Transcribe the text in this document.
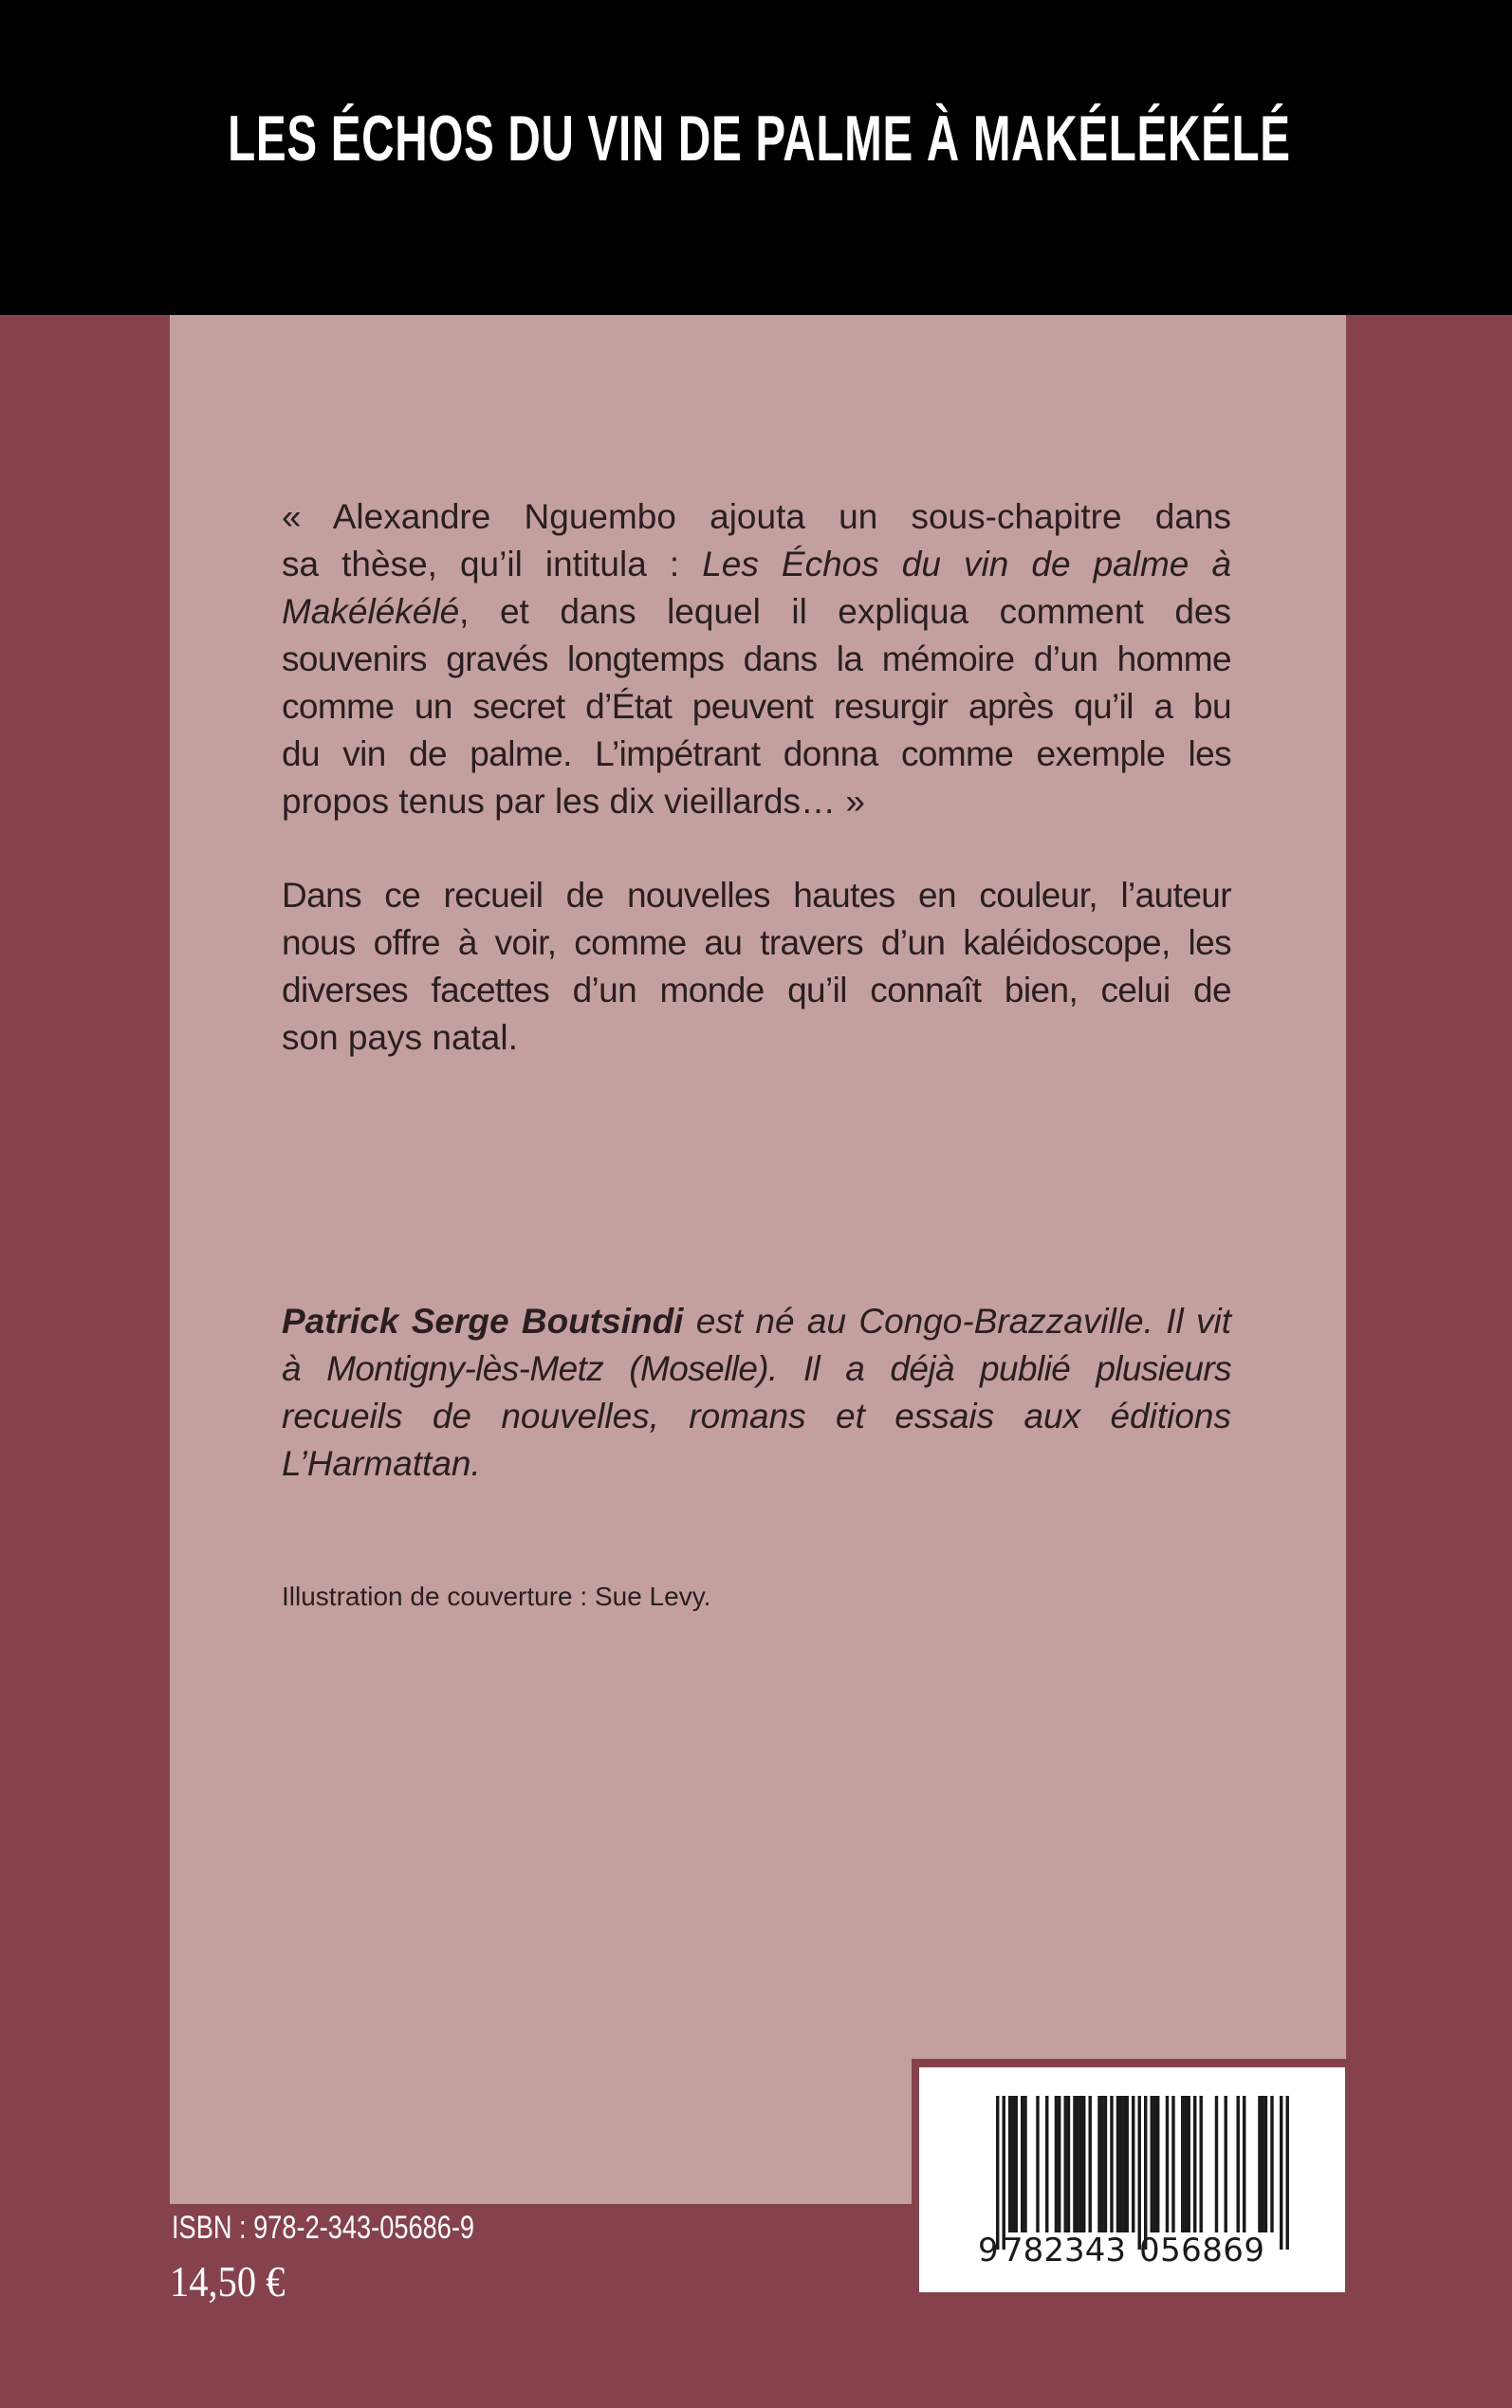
LES ÉCHOS DU VIN DE PALME À MAKÉLÉKÉLÉ
« Alexandre Nguembo ajouta un sous-chapitre dans
sa thèse, qu’il intitula : Les Échos du vin de palme à
Makélékélé, et dans lequel il expliqua comment des
souvenirs gravés longtemps dans la mémoire d’un homme
comme un secret d’État peuvent resurgir après qu’il a bu
du vin de palme. L’impétrant donna comme exemple les
propos tenus par les dix vieillards… »
Dans ce recueil de nouvelles hautes en couleur, l’auteur
nous offre à voir, comme au travers d’un kaléidoscope, les
diverses facettes d’un monde qu’il connaît bien, celui de
son pays natal.
Patrick Serge Boutsindi est né au Congo-Brazzaville. Il vit
à Montigny-lès-Metz (Moselle). Il a déjà publié plusieurs
recueils de nouvelles, romans et essais aux éditions
L’Harmattan.
Illustration de couverture : Sue Levy.
ISBN : 978-2-343-05686-9
14,50 €
9 782343 056869
